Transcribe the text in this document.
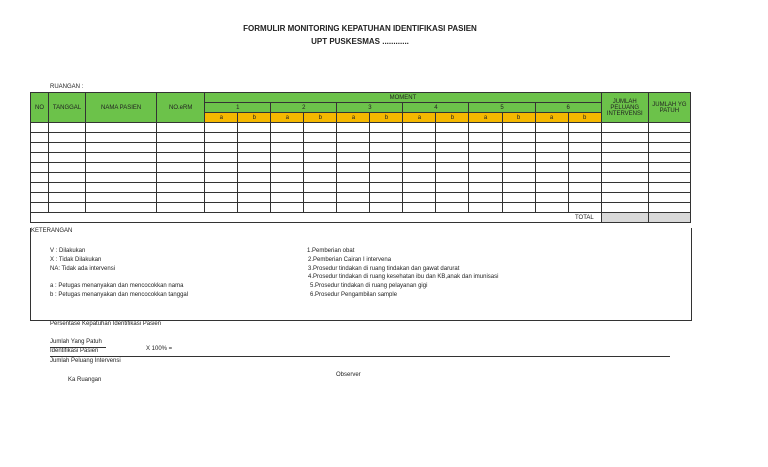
FORMULIR MONITORING KEPATUHAN IDENTIFIKASI PASIEN
UPT PUSKESMAS ............
RUANGAN :
NO	TANGGAL	NAMA PASIEN	NO.eRM	MOMENT												JUMLAH PELUANG INTERVENSI	JUMLAH YG PATUH
				1		2		3		4		5		6			
				a	b	a	b	a	b	a	b	a	b	a	b		

															TOTAL		
KETERANGAN
V : Dilakukan
X : Tidak Dilakukan
NA: Tidak ada intervensi
a : Petugas menanyakan dan mencocokkan nama
b : Petugas menanyakan dan mencocokkan tanggal
1.Pemberian obat
2.Pemberian Cairan I intervena
3.Prosedur tindakan di ruang tindakan dan gawat darurat
4.Prosedur tindakan di ruang kesehatan ibu dan KB,anak dan imunisasi
5.Prosedur tindakan di ruang pelayanan gigi
6.Prosedur Pengambilan sample
Persentase Kepatuhan Identifikasi Pasien
Jumlah Yang Patuh
Identifikasi Pasien	X 100% =
Jumlah Peluang Intervensi
Observer
Ka Ruangan
